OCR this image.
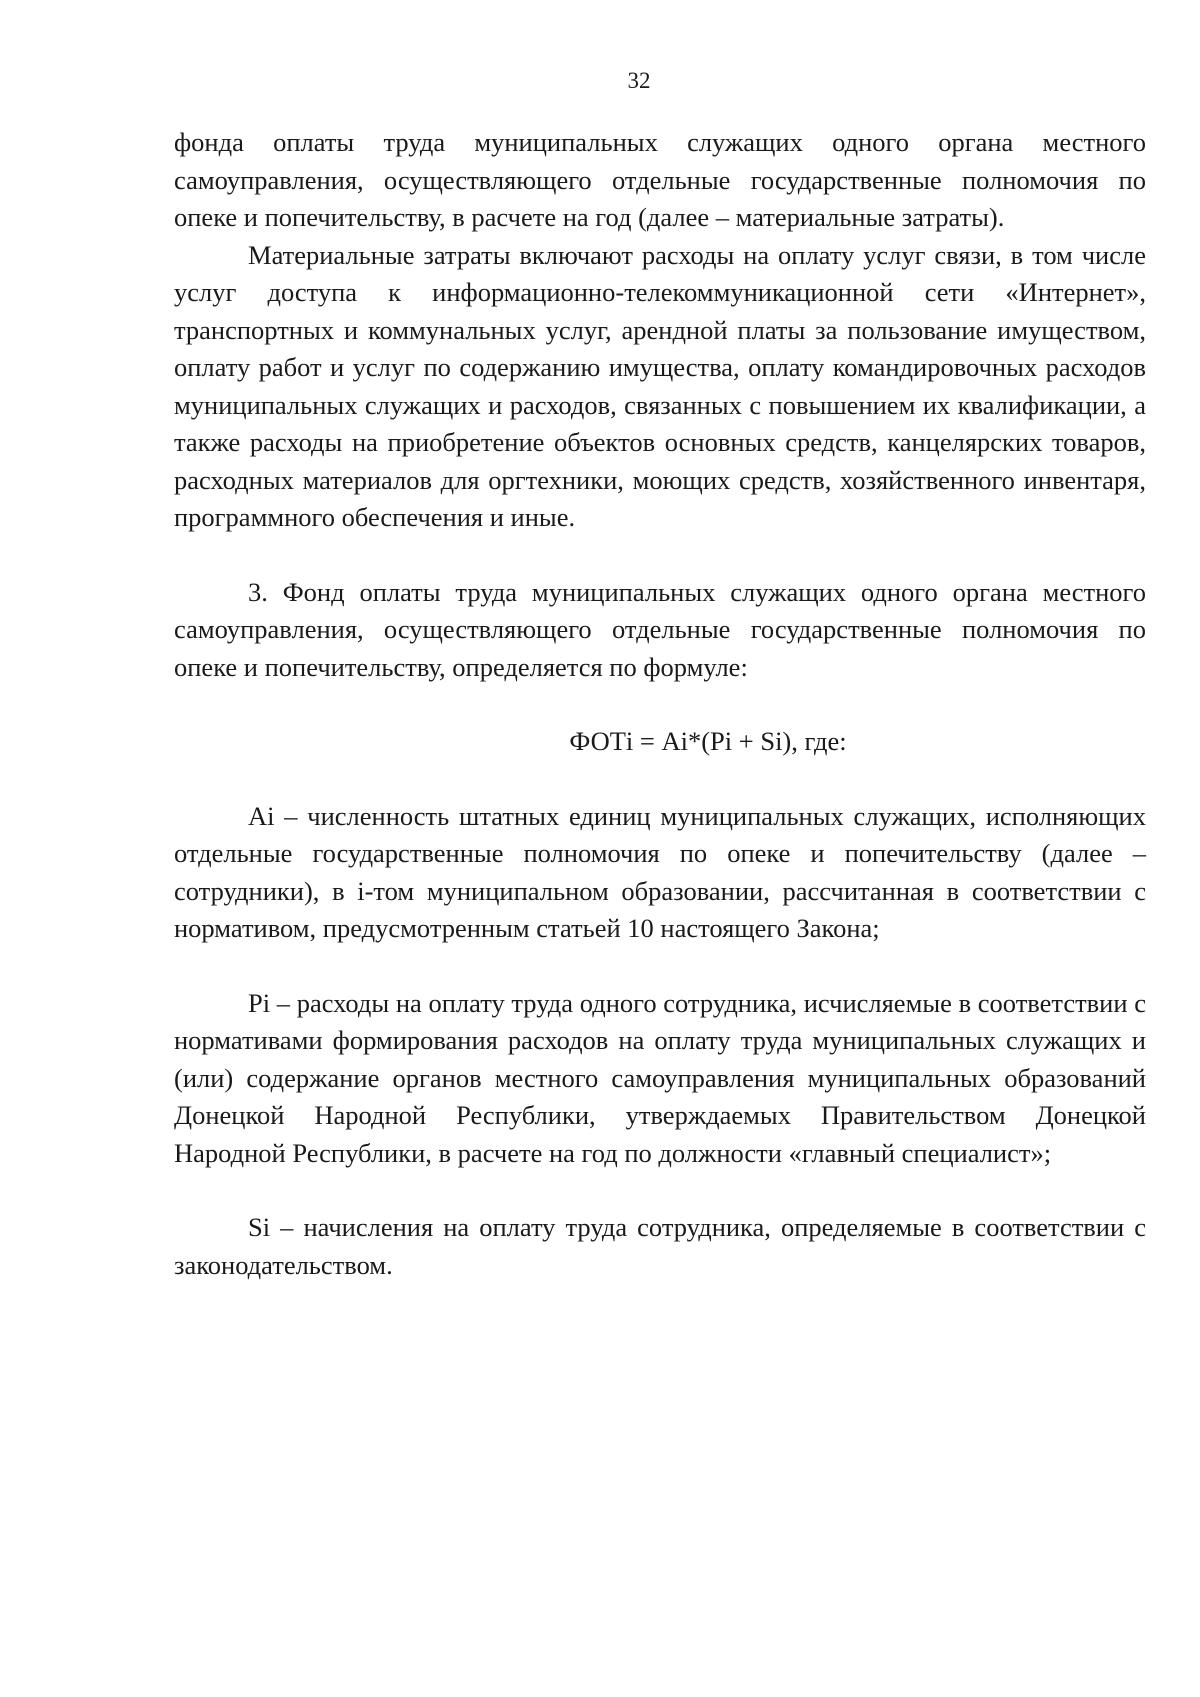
32

фонда оплаты труда муниципальных служащих одного органа местного самоуправления, осуществляющего отдельные государственные полномочия по опеке и попечительству, в расчете на год (далее – материальные затраты).

Материальные затраты включают расходы на оплату услуг связи, в том числе услуг доступа к информационно-телекоммуникационной сети «Интернет», транспортных и коммунальных услуг, арендной платы за пользование имуществом, оплату работ и услуг по содержанию имущества, оплату командировочных расходов муниципальных служащих и расходов, связанных с повышением их квалификации, а также расходы на приобретение объектов основных средств, канцелярских товаров, расходных материалов для оргтехники, моющих средств, хозяйственного инвентаря, программного обеспечения и иные.

3. Фонд оплаты труда муниципальных служащих одного органа местного самоуправления, осуществляющего отдельные государственные полномочия по опеке и попечительству, определяется по формуле:

ФОТi = Аi*(Рi + Si), где:

Аi – численность штатных единиц муниципальных служащих, исполняющих отдельные государственные полномочия по опеке и попечительству (далее – сотрудники), в i-том муниципальном образовании, рассчитанная в соответствии с нормативом, предусмотренным статьей 10 настоящего Закона;

Рi – расходы на оплату труда одного сотрудника, исчисляемые в соответствии с нормативами формирования расходов на оплату труда муниципальных служащих и (или) содержание органов местного самоуправления муниципальных образований Донецкой Народной Республики, утверждаемых Правительством Донецкой Народной Республики, в расчете на год по должности «главный специалист»;

Si – начисления на оплату труда сотрудника, определяемые в соответствии с законодательством.
